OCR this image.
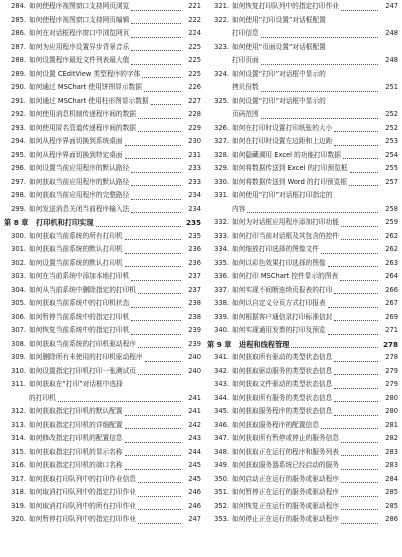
284. 如何使程序视图窗口支持网页浏览	221
285. 如何使程序视图窗口支持网页编辑	222
286. 如何在对话框程序窗口中浏览网页	224
287. 如何为应用程序设置异步背景音乐	225
288. 如何设置程序最近文件列表最大值	225
289. 如何设置 CEditView 类型程序的字体	225
290. 如何通过 MSChart 使用饼图显示数据	226
291. 如何通过 MSChart 使用柱形图显示数据	227
292. 如何使用消息机制传递程序间的数据	228
293. 如何使用匿名管道传递程序间的数据	229
294. 如何从程序界面切换到系统桌面	230
295. 如何从程序界面切换到特定桌面	231
296. 如何设置当前应用程序的默认路径	233
297. 如何获取当前应用程序的默认路径	233
298. 如何获取当前应用程序的完整路径	234
299. 如何发送消息关闭当前程序输入法	234
第 8 章	打印机和打印实现	235
300. 如何获取当前系统的所有打印机	235
301. 如何获取当前系统的默认打印机	236
302. 如何设置当前系统的默认打印机	236
303. 如何在当前系统中添加本地打印机	237
304. 如何从当前系统中删除指定的打印机	237
305. 如何获取当前系统中的打印机状态	238
306. 如何暂停当前系统中的指定打印机	238
307. 如何恢复当前系统中的指定打印机	239
308. 如何获取当前系统的打印机驱动程序	239
309. 如何删除所有未使用的打印机驱动程序	240
310. 如何设置指定打印机打印一张测试页	240
311. 如何获取在“打印”对话框中选择
的打印机	241
312. 如何获取指定打印机的默认配置	241
313. 如何获取指定打印机的详细配置	242
314. 如何修改指定打印机的配置信息	243
315. 如何获取指定打印机的显示名称	244
316. 如何获取指定打印机的端口名称	245
317. 如何获取打印队列中的打印作业信息	245
318. 如何取消打印队列中的指定打印作业	246
319. 如何取消打印队列中的所有打印作业	246
320. 如何暂停打印队列中的指定打印作业	247
321. 如何恢复打印队列中的指定打印作业	247
322. 如何使用“打印设置”对话框配置
打印信息	248
323. 如何使用“页面设置”对话框配置
打印页面	248
324. 如何设置“打印”对话框中显示的
拷贝份数	251
325. 如何设置“打印”对话框中显示的
页码范围	252
326. 如何在打印时设置打印纸张的大小	252
327. 如何在打印时设置左边距和上边距	253
328. 如何隐藏调用 Excel 的功能打印数据	254
329. 如何将数据传送到 Excel 的打印预览框	255
330. 如何将数据传送到 Word 的打印预览框	257
331. 如何使用“打印”对话框打印指定的
内容	258
332. 如何为对话框应用程序添加打印功能	259
333. 如何打印当前对话框及其包含的控件	262
334. 如何缩放打印选择的图像文件	262
335. 如何以彩色效果打印选择的图像	263
336. 如何打印 MSChart 控件显示的图表	264
337. 如何实现不间断连续页报表的打印	266
338. 如何以自定义分页方式打印报表	267
339. 如何根据客户通信录打印标准信封	269
340. 如何实现通用发票的打印及预览	271
第 9 章	进程和线程管理	278
341. 如何获取所有驱动的类型状态信息	278
342. 如何获取驱动服务的类型状态信息	279
343. 如何获取文件驱动的类型状态信息	279
344. 如何获取所有服务的类型状态信息	280
345. 如何获取服务程序的类型状态信息	280
346. 如何获取服务程序的配置信息	281
347. 如何获取所有暂停或停止的服务信息	282
348. 如何获取正在运行的程序和服务列表	283
349. 如何获取服务器系统已经启动的服务	283
350. 如何启动正在运行的服务或驱动程序	284
351. 如何暂停正在运行的服务或驱动程序	285
352. 如何恢复正在运行的服务或驱动程序	285
353. 如何停止正在运行的服务或驱动程序	286
